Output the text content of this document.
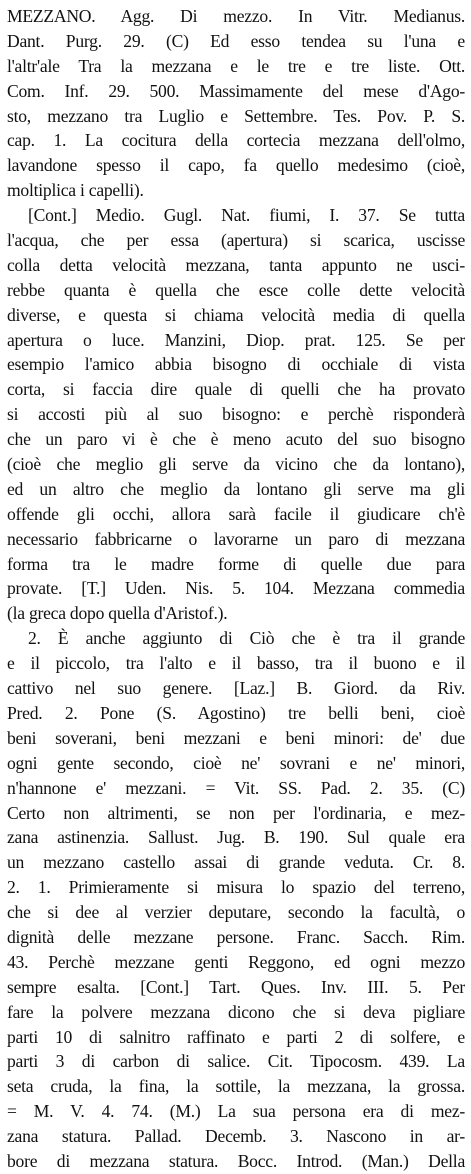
MEZZANO. Agg. Di mezzo. In Vitr. Medianus.
Dant. Purg. 29. (C) Ed esso tendea su l'una e
l'altr'ale Tra la mezzana e le tre e tre liste. Ott.
Com. Inf. 29. 500. Massimamente del mese d'Ago-
sto, mezzano tra Luglio e Settembre. Tes. Pov. P. S.
cap. 1. La cocitura della cortecia mezzana dell'olmo,
lavandone spesso il capo, fa quello medesimo (cioè,
moltiplica i capelli).
[Cont.] Medio. Gugl. Nat. fiumi, I. 37. Se tutta
l'acqua, che per essa (apertura) si scarica, uscisse
colla detta velocità mezzana, tanta appunto ne usci-
rebbe quanta è quella che esce colle dette velocità
diverse, e questa si chiama velocità media di quella
apertura o luce. Manzini, Diop. prat. 125. Se per
esempio l'amico abbia bisogno di occhiale di vista
corta, si faccia dire quale di quelli che ha provato
si accosti più al suo bisogno: e perchè risponderà
che un paro vi è che è meno acuto del suo bisogno
(cioè che meglio gli serve da vicino che da lontano),
ed un altro che meglio da lontano gli serve ma gli
offende gli occhi, allora sarà facile il giudicare ch'è
necessario fabbricarne o lavorarne un paro di mezzana
forma tra le madre forme di quelle due para
provate. [T.] Uden. Nis. 5. 104. Mezzana commedia
(la greca dopo quella d'Aristof.).
2. È anche aggiunto di Ciò che è tra il grande
e il piccolo, tra l'alto e il basso, tra il buono e il
cattivo nel suo genere. [Laz.] B. Giord. da Riv.
Pred. 2. Pone (S. Agostino) tre belli beni, cioè
beni soverani, beni mezzani e beni minori: de' due
ogni gente secondo, cioè ne' sovrani e ne' minori,
n'hannone e' mezzani. = Vit. SS. Pad. 2. 35. (C)
Certo non altrimenti, se non per l'ordinaria, e mez-
zana astinenzia. Sallust. Jug. B. 190. Sul quale era
un mezzano castello assai di grande veduta. Cr. 8.
2. 1. Primieramente si misura lo spazio del terreno,
che si dee al verzier deputare, secondo la facultà, o
dignità delle mezzane persone. Franc. Sacch. Rim.
43. Perchè mezzane genti Reggono, ed ogni mezzo
sempre esalta. [Cont.] Tart. Ques. Inv. III. 5. Per
fare la polvere mezzana dicono che si deva pigliare
parti 10 di salnitro raffinato e parti 2 di solfere, e
parti 3 di carbon di salice. Cit. Tipocosm. 439. La
seta cruda, la fina, la sottile, la mezzana, la grossa.
= M. V. 4. 74. (M.) La sua persona era di mez-
zana statura. Pallad. Decemb. 3. Nascono in ar-
bore di mezzana statura. Bocc. Introd. (Man.) Della
